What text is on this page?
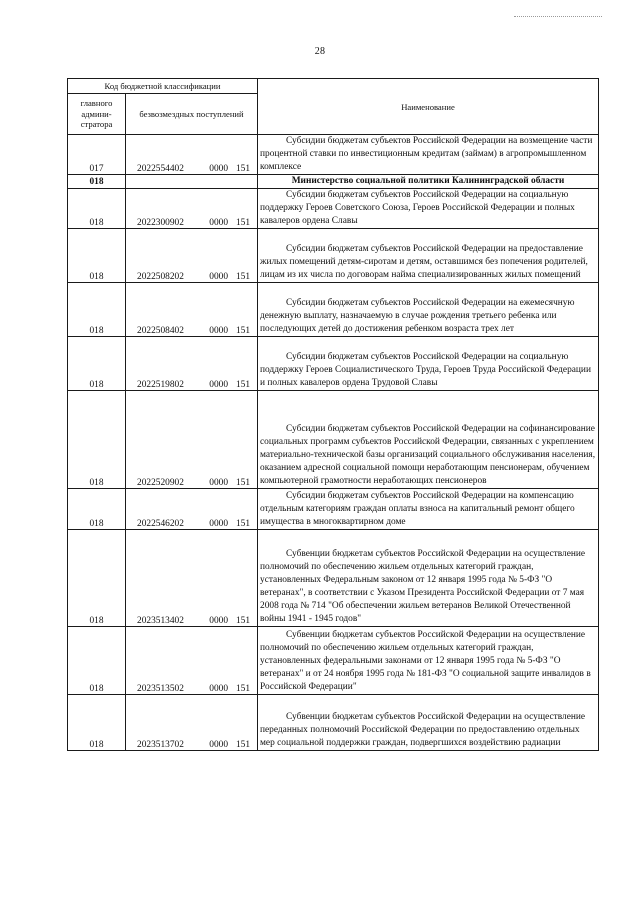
28
Код бюджетной классификации		Наименование
главного админи- стратора	безвозмездных поступлений	
017	2022554402 0000 151	Субсидии бюджетам субъектов Российской Федерации на возмещение части процентной ставки по инвестиционным кредитам (займам) в агропромышленном комплексе

018		Министерство социальной политики Калининградской области

018	2022300902 0000 151	Субсидии бюджетам субъектов Российской Федерации на социальную поддержку Героев Советского Союза, Героев Российской Федерации и полных кавалеров ордена Славы

018	2022508202 0000 151	Субсидии бюджетам субъектов Российской Федерации на предоставление жилых помещений детям-сиротам и детям, оставшимся без попечения родителей, лицам из их числа по договорам найма специализированных жилых помещений

018	2022508402 0000 151	Субсидии бюджетам субъектов Российской Федерации на ежемесячную денежную выплату, назначаемую в случае рождения третьего ребенка или последующих детей до достижения ребенком возраста трех лет

018	2022519802 0000 151	Субсидии бюджетам субъектов Российской Федерации на социальную поддержку Героев Социалистического Труда, Героев Труда Российской Федерации и полных кавалеров ордена Трудовой Славы

018	2022520902 0000 151	Субсидии бюджетам субъектов Российской Федерации на софинансирование социальных программ субъектов Российской Федерации, связанных с укреплением материально-технической базы организаций социального обслуживания населения, оказанием адресной социальной помощи неработающим пенсионерам, обучением компьютерной грамотности неработающих пенсионеров

018	2022546202 0000 151	Субсидии бюджетам субъектов Российской Федерации на компенсацию отдельным категориям граждан оплаты взноса на капитальный ремонт общего имущества в многоквартирном доме

018	2023513402 0000 151	Субвенции бюджетам субъектов Российской Федерации на осуществление полномочий по обеспечению жильем отдельных категорий граждан, установленных Федеральным законом от 12 января 1995 года № 5-ФЗ "О ветеранах", в соответствии с Указом Президента Российской Федерации от 7 мая 2008 года № 714 "Об обеспечении жильем ветеранов Великой Отечественной войны 1941 - 1945 годов"

018	2023513502 0000 151	Субвенции бюджетам субъектов Российской Федерации на осуществление полномочий по обеспечению жильем отдельных категорий граждан, установленных федеральными законами от 12 января 1995 года № 5-ФЗ "О ветеранах" и от 24 ноября 1995 года № 181-ФЗ "О социальной защите инвалидов в Российской Федерации"

018	2023513702 0000 151	Субвенции бюджетам субъектов Российской Федерации на осуществление переданных полномочий Российской Федерации по предоставлению отдельных мер социальной поддержки граждан, подвергшихся воздействию радиации
